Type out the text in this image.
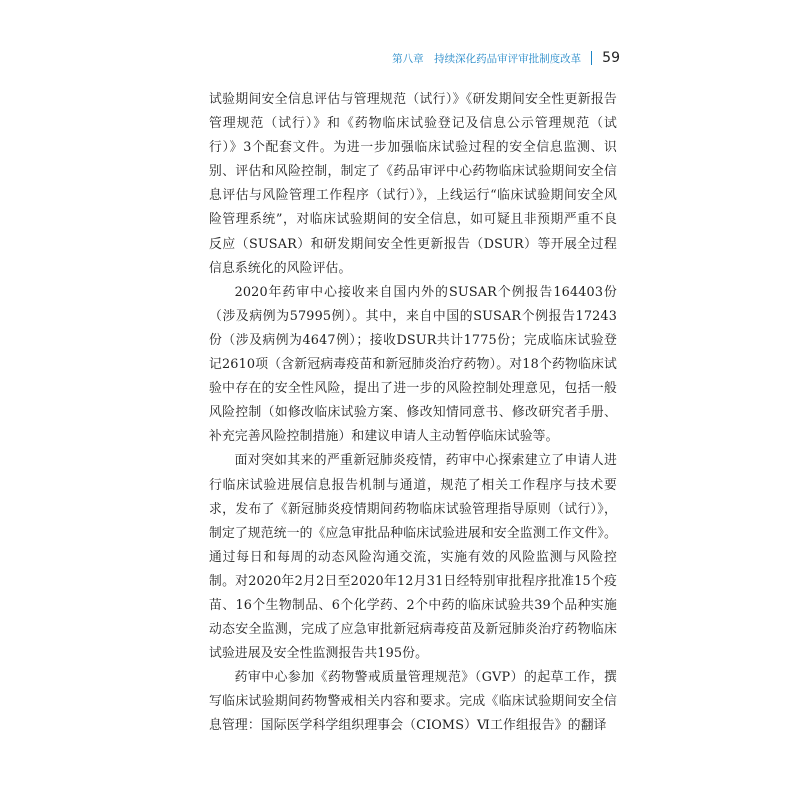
第八章　持续深化药品审评审批制度改革 59

试验期间安全信息评估与管理规范（试行）》《研发期间安全性更新报告管理规范（试行）》和《药物临床试验登记及信息公示管理规范（试行）》3个配套文件。为进一步加强临床试验过程的安全信息监测、识别、评估和风险控制，制定了《药品审评中心药物临床试验期间安全信息评估与风险管理工作程序（试行）》，上线运行“临床试验期间安全风险管理系统”，对临床试验期间的安全信息，如可疑且非预期严重不良反应（SUSAR）和研发期间安全性更新报告（DSUR）等开展全过程信息系统化的风险评估。

2020年药审中心接收来自国内外的SUSAR个例报告164403份（涉及病例为57995例）。其中，来自中国的SUSAR个例报告17243份（涉及病例为4647例）；接收DSUR共计1775份；完成临床试验登记2610项（含新冠病毒疫苗和新冠肺炎治疗药物）。对18个药物临床试验中存在的安全性风险，提出了进一步的风险控制处理意见，包括一般风险控制（如修改临床试验方案、修改知情同意书、修改研究者手册、补充完善风险控制措施）和建议申请人主动暂停临床试验等。

面对突如其来的严重新冠肺炎疫情，药审中心探索建立了申请人进行临床试验进展信息报告机制与通道，规范了相关工作程序与技术要求，发布了《新冠肺炎疫情期间药物临床试验管理指导原则（试行）》，制定了规范统一的《应急审批品种临床试验进展和安全监测工作文件》。通过每日和每周的动态风险沟通交流，实施有效的风险监测与风险控制。对2020年2月2日至2020年12月31日经特别审批程序批准15个疫苗、16个生物制品、6个化学药、2个中药的临床试验共39个品种实施动态安全监测，完成了应急审批新冠病毒疫苗及新冠肺炎治疗药物临床试验进展及安全性监测报告共195份。

药审中心参加《药物警戒质量管理规范》（GVP）的起草工作，撰写临床试验期间药物警戒相关内容和要求。完成《临床试验期间安全信息管理：国际医学科学组织理事会（CIOMS）Ⅵ工作组报告》的翻译
